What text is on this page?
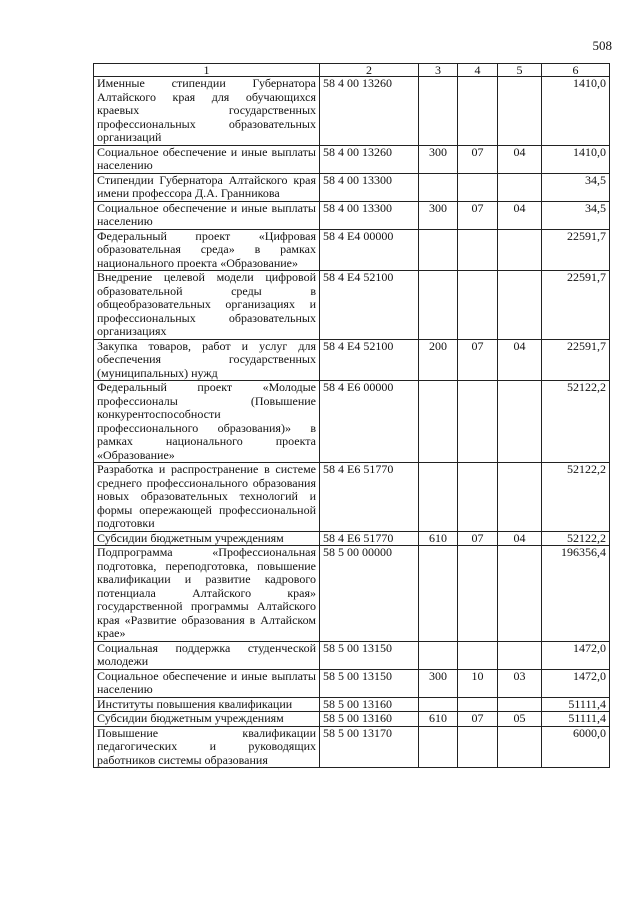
508
1	2	3	4	5	6
Именные стипендии Губернатора Алтайского края для обучающихся краевых государственных профессиональных образовательных организаций	58 4 00 13260				1410,0
Социальное обеспечение и иные выплаты населению	58 4 00 13260	300	07	04	1410,0
Стипендии Губернатора Алтайского края имени профессора Д.А. Гранникова	58 4 00 13300				34,5
Социальное обеспечение и иные выплаты населению	58 4 00 13300	300	07	04	34,5
Федеральный проект «Цифровая образовательная среда» в рамках национального проекта «Образование»	58 4 E4 00000				22591,7
Внедрение целевой модели цифровой образовательной среды в общеобразовательных организациях и профессиональных образовательных организациях	58 4 E4 52100				22591,7
Закупка товаров, работ и услуг для обеспечения государственных (муниципальных) нужд	58 4 E4 52100	200	07	04	22591,7
Федеральный проект «Молодые профессионалы (Повышение конкурентоспособности профессионального образования)» в рамках национального проекта «Образование»	58 4 E6 00000				52122,2
Разработка и распространение в системе среднего профессионального образования новых образовательных технологий и формы опережающей профессиональной подготовки	58 4 E6 51770				52122,2
Субсидии бюджетным учреждениям	58 4 E6 51770	610	07	04	52122,2
Подпрограмма «Профессиональная подготовка, переподготовка, повышение квалификации и развитие кадрового потенциала Алтайского края» государственной программы Алтайского края «Развитие образования в Алтайском крае»	58 5 00 00000				196356,4
Социальная поддержка студенческой молодежи	58 5 00 13150				1472,0
Социальное обеспечение и иные выплаты населению	58 5 00 13150	300	10	03	1472,0
Институты повышения квалификации	58 5 00 13160				51111,4
Субсидии бюджетным учреждениям	58 5 00 13160	610	07	05	51111,4
Повышение квалификации педагогических и руководящих работников системы образования	58 5 00 13170				6000,0
